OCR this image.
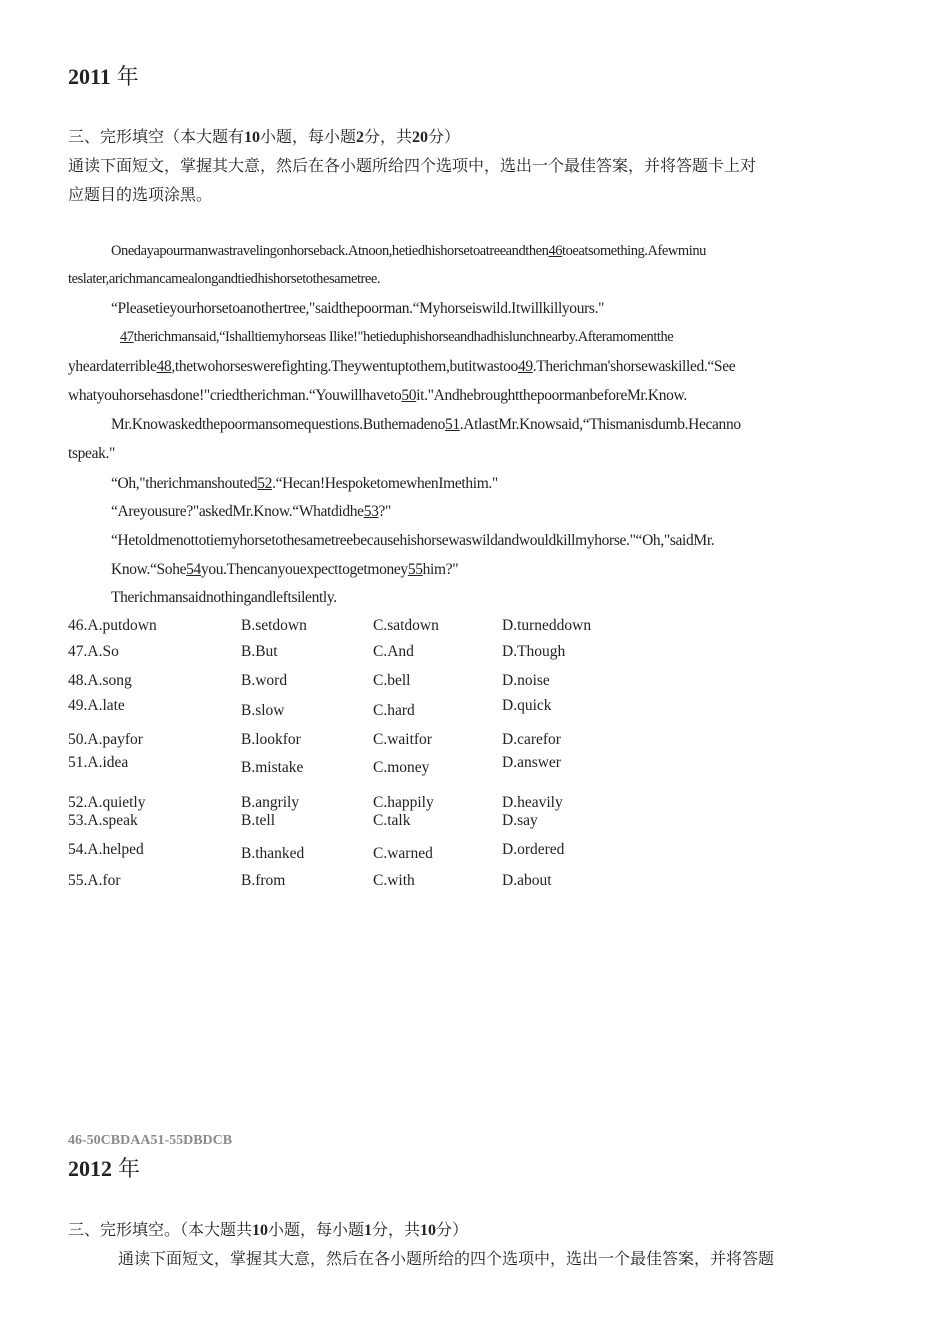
2011 年
三、完形填空（本大题有10小题，每小题2分，共20分）
通读下面短文，掌握其大意，然后在各小题所给四个选项中，选出一个最佳答案，并将答题卡上对
应题目的选项涂黑。
Onedayapourmanwastravelingonhorseback.Atnoon,hetiedhishorsetoatreeandthen46toeatsomething.Afewminu
teslater,arichmancamealongandtiedhishorsetothesametree.
“Pleasetieyourhorsetoanothertree,"saidthepoorman.“Myhorseiswild.Itwillkillyours."
47therichmansaid,“Ishalltiemyhorseas Ilike!"hetieduphishorseandhadhislunchnearby.Afteramomentthe
yheardaterrible48,thetwohorseswerefighting.Theywentuptothem,butitwastoo49.Therichman'shorsewaskilled.“See
whatyouhorsehasdone!"criedtherichman.“Youwillhaveto50it."AndhebroughtthepoormanbeforeMr.Know.
Mr.Knowaskedthepoormansomequestions.Buthemadeno51.AtlastMr.Knowsaid,“Thismanisdumb.Hecanno
tspeak."
“Oh,"therichmanshouted52.“Hecan!HespoketomewhenImethim."
“Areyousure?"askedMr.Know.“Whatdidhe53?"
“Hetoldmenottotiemyhorsetothesametreebecausehishorsewaswildandwouldkillmyhorse."“Oh,"saidMr.
Know.“Sohe54you.Thencanyouexpecttogetmoney55him?"
Therichmansaidnothingandleftsilently.
46.A.putdown	B.setdown	C.satdown	D.turneddown
47.A.So	B.But	C.And	D.Though
48.A.song	B.word	C.bell	D.noise
49.A.late	B.slow	C.hard	D.quick
50.A.payfor	B.lookfor	C.waitfor	D.carefor
51.A.idea	B.mistake	C.money	D.answer
52.A.quietly	B.angrily	C.happily	D.heavily
53.A.speak	B.tell	C.talk	D.say
54.A.helped	B.thanked	C.warned	D.ordered
55.A.for	B.from	C.with	D.about
46-50CBDAA51-55DBDCB
2012 年
三、完形填空。（本大题共10小题，每小题1分，共10分）
通读下面短文，掌握其大意，然后在各小题所给的四个选项中，选出一个最佳答案，并将答题
